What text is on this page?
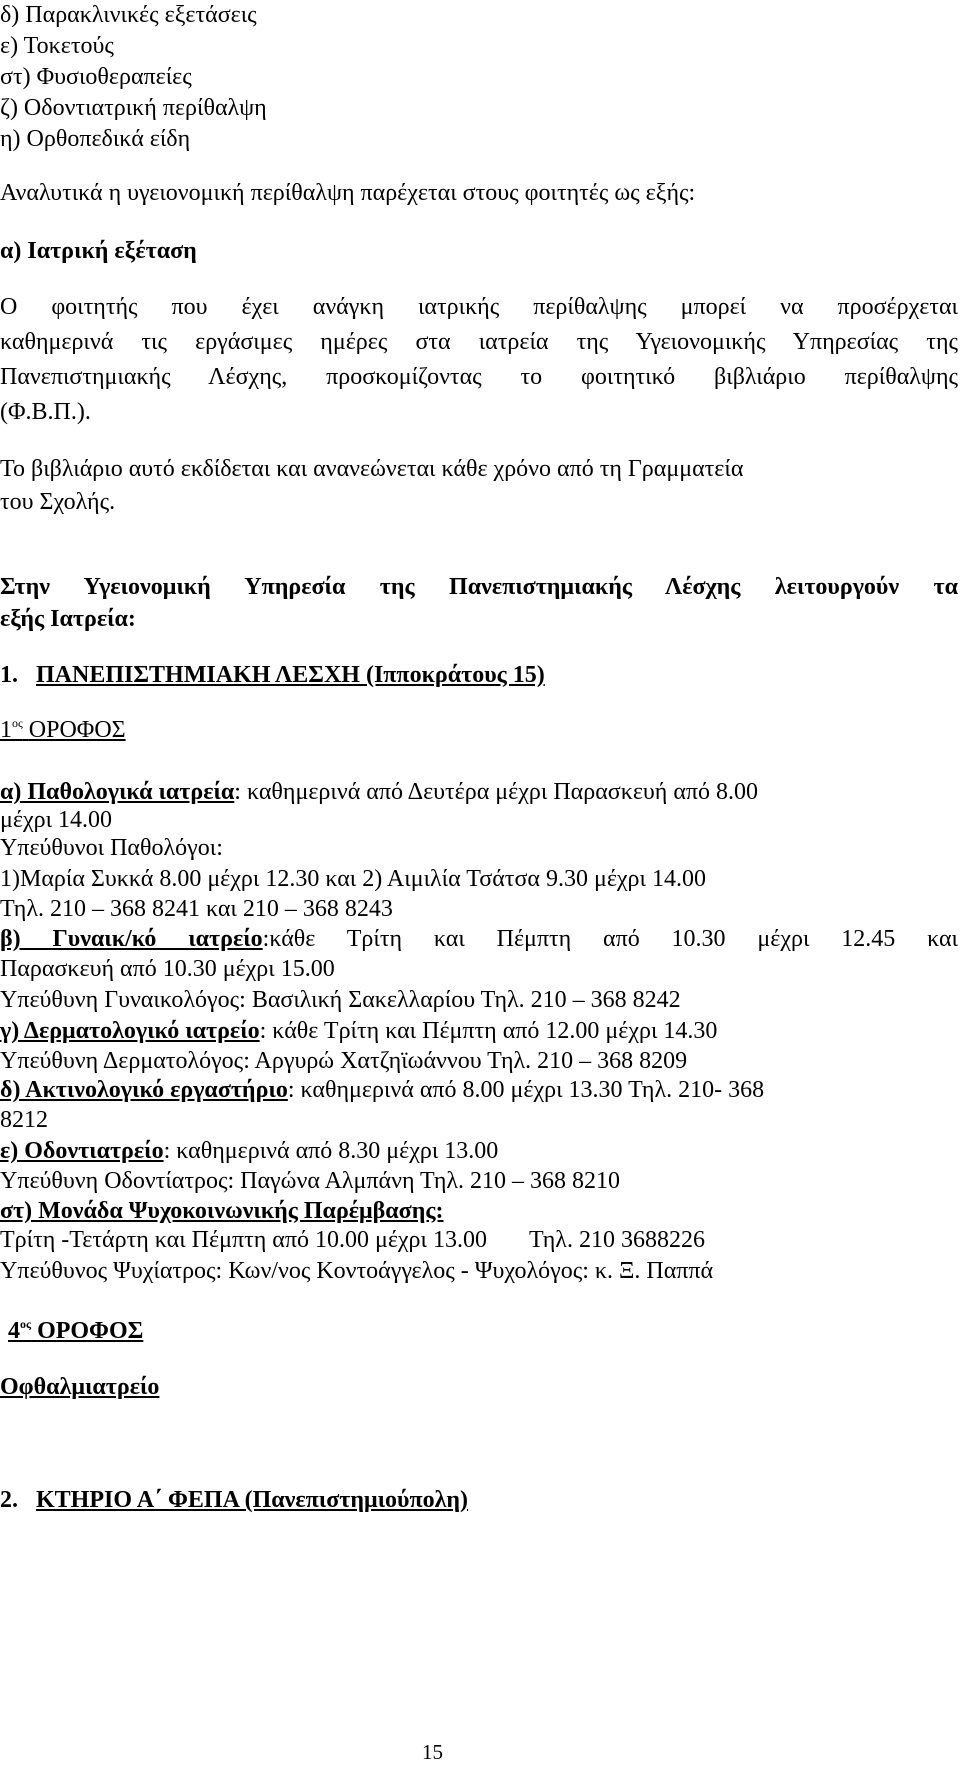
δ) Παρακλινικές εξετάσεις

ε) Τοκετούς

στ) Φυσιοθεραπείες

ζ) Οδοντιατρική περίθαλψη

η) Ορθοπεδικά είδη

Αναλυτικά η υγειονομική περίθαλψη παρέχεται στους φοιτητές ως εξής:

α) Ιατρική εξέταση

Ο φοιτητής που έχει ανάγκη ιατρικής περίθαλψης μπορεί να προσέρχεται

καθημερινά τις εργάσιμες ημέρες στα ιατρεία της Υγειονομικής Υπηρεσίας της

Πανεπιστημιακής Λέσχης, προσκομίζοντας το φοιτητικό βιβλιάριο περίθαλψης

(Φ.Β.Π.).

Το βιβλιάριο αυτό εκδίδεται και ανανεώνεται κάθε χρόνο από τη Γραμματεία

του Σχολής.

Στην Υγειονομική Υπηρεσία της Πανεπιστημιακής Λέσχης λειτουργούν τα

εξής Ιατρεία:

1. ΠΑΝΕΠΙΣΤΗΜΙΑΚΗ ΛΕΣΧΗ (Ιπποκράτους 15)

$1^{o\varsigma}$ ΟΡΟΦΟΣ

α) Παθολογικά ιατρεία: καθημερινά από Δευτέρα μέχρι Παρασκευή από 8.00

μέχρι 14.00

Υπεύθυνοι Παθολόγοι:

1)Μαρία Συκκά 8.00 μέχρι 12.30 και 2) Αιμιλία Τσάτσα 9.30 μέχρι 14.00

Τηλ. 210 – 368 8241 και 210 – 368 8243

β) Γυναικ/κό ιατρείο:κάθε Τρίτη και Πέμπτη από 10.30 μέχρι 12.45 και

Παρασκευή από 10.30 μέχρι 15.00

Υπεύθυνη Γυναικολόγος: Βασιλική Σακελλαρίου Τηλ. 210 – 368 8242

γ) Δερματολογικό ιατρείο: κάθε Τρίτη και Πέμπτη από 12.00 μέχρι 14.30

Υπεύθυνη Δερματολόγος: Αργυρώ Χατζηϊωάννου Τηλ. 210 – 368 8209

δ) Ακτινολογικό εργαστήριο: καθημερινά από 8.00 μέχρι 13.30 Τηλ. 210- 368

8212

ε) Οδοντιατρείο: καθημερινά από 8.30 μέχρι 13.00

Υπεύθυνη Οδοντίατρος: Παγώνα Αλμπάνη Τηλ. 210 – 368 8210

στ) Μονάδα Ψυχοκοινωνικής Παρέμβασης:

Τρίτη -Τετάρτη και Πέμπτη από 10.00 μέχρι 13.00 Τηλ. 210 3688226

Υπεύθυνος Ψυχίατρος: Κων/νος Κοντοάγγελος - Ψυχολόγος: κ. Ξ. Παππά

$4^{o\varsigma}$ ΟΡΟΦΟΣ

Οφθαλμιατρείο

2. ΚΤΗΡΙΟ Α΄ ΦΕΠΑ (Πανεπιστημιούπολη)

15
